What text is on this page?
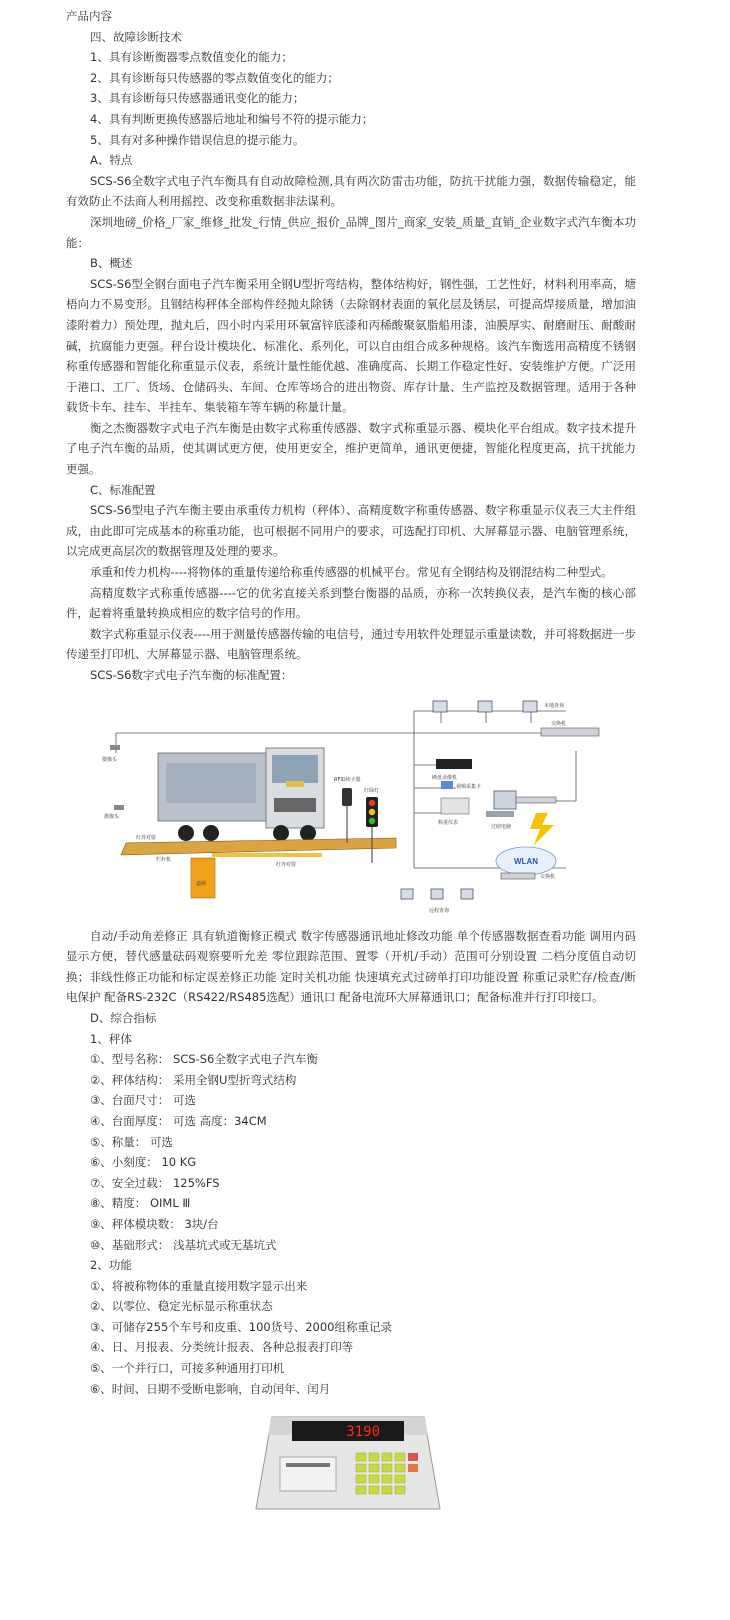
产品内容

四、故障诊断技术

1、具有诊断衡器零点数值变化的能力；

2、具有诊断每只传感器的零点数值变化的能力；

3、具有诊断每只传感器通讯变化的能力；

4、具有判断更换传感器后地址和编号不符的提示能力；

5、具有对多种操作错误信息的提示能力。

A、特点

SCS-S6全数字式电子汽车衡具有自动故障检测,具有两次防雷击功能，防抗干扰能力强，数据传输稳定，能有效防止不法商人利用摇控、改变称重数据非法谋利。

深圳地磅_价格_厂家_维修_批发_行情_供应_报价_品牌_图片_商家_安装_质量_直销_企业数字式汽车衡本功能：

B、概述

SCS-S6型全钢台面电子汽车衡采用全钢U型折弯结构，整体结构好，钢性强，工艺性好，材料利用率高，塘梧向力不易变形。且钢结构秤体全部构件经抛丸除锈（去除钢材表面的氧化层及锈层，可提高焊接质量，增加油漆附着力）预处理，抛丸后，四小时内采用环氧富锌底漆和丙稀酸聚氨脂船用漆，油膜厚实、耐磨耐压、耐酸耐碱，抗腐能力更强。秤台设计模块化、标准化、系列化，可以自由组合成多种规格。该汽车衡选用高精度不锈钢称重传感器和智能化称重显示仪表，系统计量性能优越、准确度高、长期工作稳定性好、安装维护方便。广泛用于港口、工厂、货场、仓储码头、车间、仓库等场合的进出物资、库存计量、生产监控及数据管理。适用于各种载货卡车、挂车、半挂车、集装箱车等车辆的称量计量。

衡之杰衡器数字式电子汽车衡是由数字式称重传感器、数字式称重显示器、模块化平台组成。数字技术提升了电子汽车衡的品质，使其调试更方便，使用更安全，维护更简单，通讯更便捷，智能化程度更高，抗干扰能力更强。

C、标准配置

SCS-S6型电子汽车衡主要由承重传力机构（秤体）、高精度数字称重传感器、数字称重显示仪表三大主件组成，由此即可完成基本的称重功能，也可根据不同用户的要求，可选配打印机、大屏幕显示器、电脑管理系统，以完成更高层次的数据管理及处理的要求。

承重和传力机构----将物体的重量传递给称重传感器的机械平台。常见有全钢结构及钢混结构二种型式。

高精度数字式称重传感器----它的优劣直接关系到整台衡器的品质，亦称一次转换仪表，是汽车衡的核心部件，起着将重量转换成相应的数字信号的作用。

数字式称重显示仪表----用于测量传感器传输的电信号，通过专用软件处理显示重量读数，并可将数据进一步传递至打印机、大屏幕显示器、电脑管理系统。

SCS-S6数字式电子汽车衡的标准配置：

本地查询
交换机
摄像头
摄像头
栏杆机
道闸
红外对射
红外对射
RFID读卡器
红绿灯
硬盘录像机
视频采集卡
称重仪表
过磅电脑
WLAN
交换机
远程查询

自动/手动角差修正 具有轨道衡修正模式 数字传感器通讯地址修改功能 单个传感器数据查看功能 调用内码显示方便，替代感量砝码观察要听允差 零位跟踪范围、置零（开机/手动）范围可分别设置 二档分度值自动切换；非线性修正功能和标定误差修正功能 定时关机功能 快速填充式过磅单打印功能设置 称重记录贮存/检查/断电保护 配备RS-232C（RS422/RS485选配）通讯口 配备电流环大屏幕通讯口；配备标准并行打印接口。

D、综合指标

1、秤体

①、型号名称： SCS-S6全数字式电子汽车衡

②、秤体结构： 采用全钢U型折弯式结构

③、台面尺寸： 可选

④、台面厚度： 可选 高度：34CM

⑤、称量： 可选

⑥、小刻度： 10 KG

⑦、安全过载： 125%FS

⑧、精度： OIML Ⅲ

⑨、秤体模块数： 3块/台

⑩、基础形式： 浅基坑式或无基坑式

2、功能

①、将被称物体的重量直接用数字显示出来

②、以零位、稳定光标显示称重状态

③、可储存255个车号和皮重、100货号、2000组称重记录

④、日、月报表、分类统计报表、各种总报表打印等

⑤、一个并行口，可接多种通用打印机

⑥、时间、日期不受断电影响，自动闰年、闰月

3190
